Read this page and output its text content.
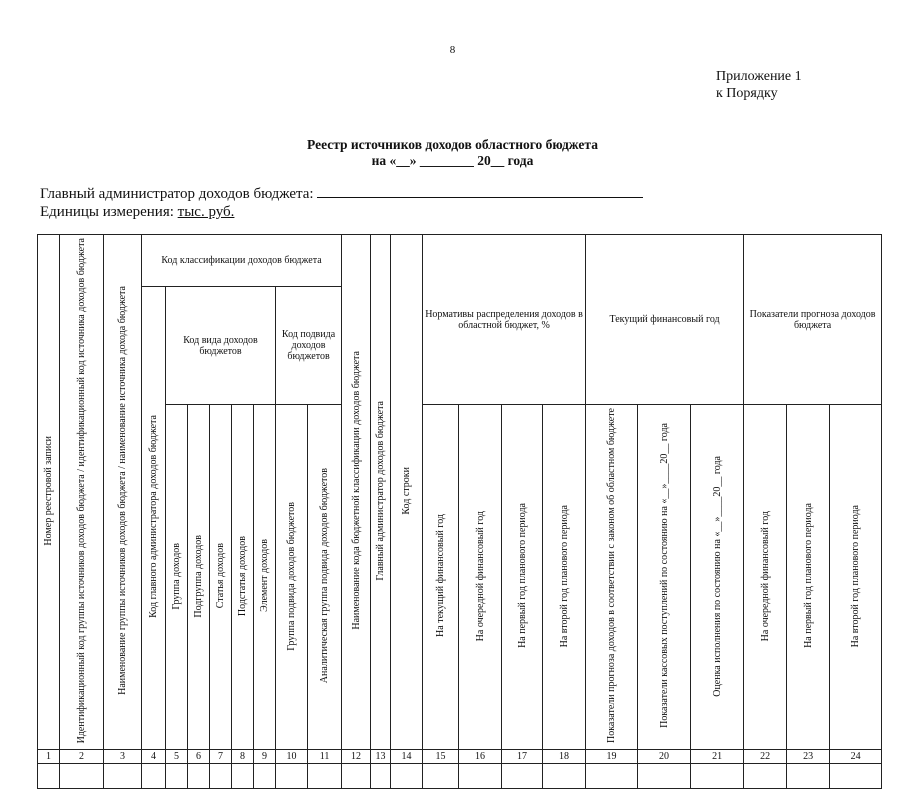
8
Приложение 1
к Порядку
Реестр источников доходов областного бюджета
на «__» ________ 20__ года
Главный администратор доходов бюджета:
Единицы измерения: тыс. руб.
Номер реестровой записи	Идентификационный код группы источников доходов бюджета / идентификационный код источника доходов бюджета	Наименование группы источников доходов бюджета / наименование источника дохода бюджета	Код классификации доходов бюджета								Наименование кода бюджетной классификации доходов бюджета	Главный администратор доходов бюджета	Код строки	Нормативы распределения доходов в областной бюджет, %				Текущий финансовый год			Показатели прогноза доходов бюджета		
			Код главного администратора доходов бюджета	Код вида доходов бюджетов					Код подвида доходов бюджетов														
				Группа доходов	Подгруппа доходов	Статья доходов	Подстатья доходов	Элемент доходов	Группа подвида доходов бюджетов	Аналитическая группа подвида доходов бюджетов				На текущий финансовый год	На очередной финансовый год	На первый год планового периода	На второй год планового периода	Показатели прогноза доходов в соответствии с законом об областном бюджете	Показатели кассовых поступлений по состоянию на «__»____20__ года	Оценка исполнения по состоянию на «__»____20__ года	На очередной финансовый год	На первый год планового периода	На второй год планового периода
1	2	3	4	5	6	7	8	9	10	11	12	13	14	15	16	17	18	19	20	21	22	23	24
